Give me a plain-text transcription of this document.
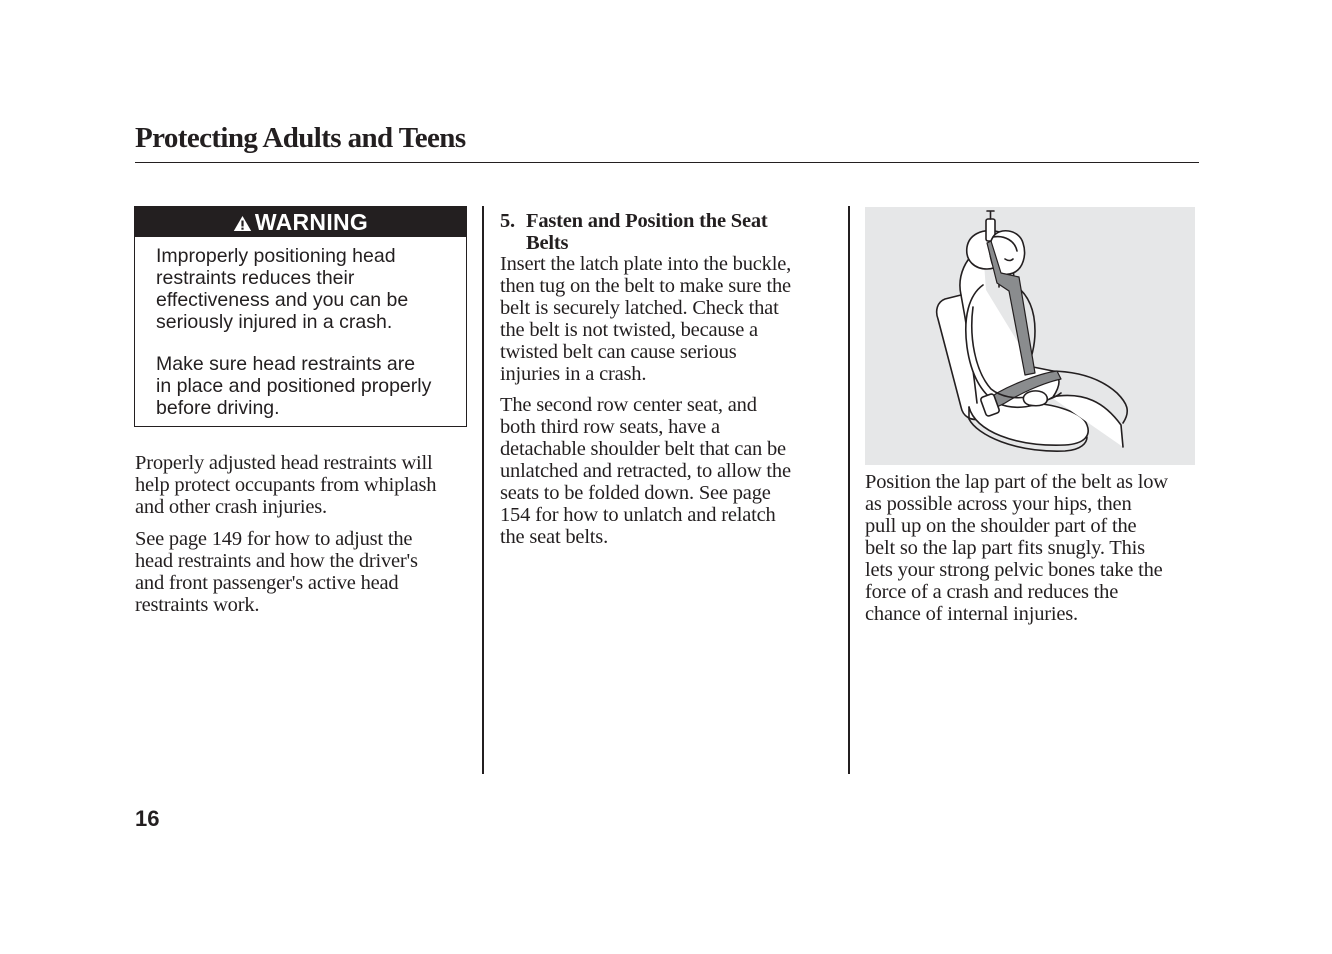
Protecting Adults and Teens
WARNING
Improperly positioning head
restraints reduces their
effectiveness and you can be
seriously injured in a crash.
Make sure head restraints are
in place and positioned properly
before driving.
Properly adjusted head restraints will
help protect occupants from whiplash
and other crash injuries.
See page 149 for how to adjust the
head restraints and how the driver's
and front passenger's active head
restraints work.
5. Fasten and Position the Seat
Belts
Insert the latch plate into the buckle,
then tug on the belt to make sure the
belt is securely latched. Check that
the belt is not twisted, because a
twisted belt can cause serious
injuries in a crash.
The second row center seat, and
both third row seats, have a
detachable shoulder belt that can be
unlatched and retracted, to allow the
seats to be folded down. See page
154 for how to unlatch and relatch
the seat belts.
Position the lap part of the belt as low
as possible across your hips, then
pull up on the shoulder part of the
belt so the lap part fits snugly. This
lets your strong pelvic bones take the
force of a crash and reduces the
chance of internal injuries.
16
